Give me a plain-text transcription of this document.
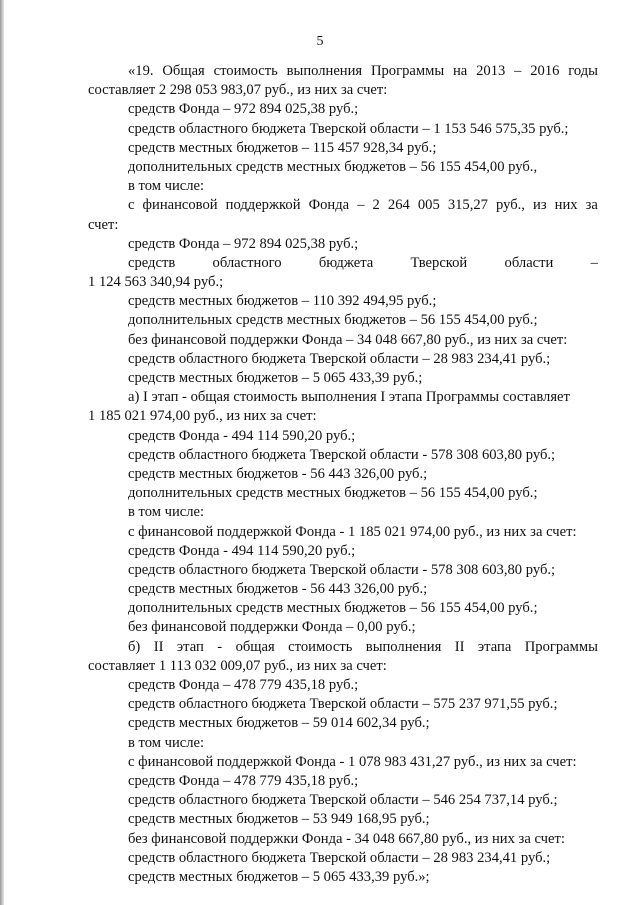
5
«19. Общая стоимость выполнения Программы на 2013 – 2016 годы
составляет 2 298 053 983,07 руб., из них за счет:
средств Фонда – 972 894 025,38 руб.;
средств областного бюджета Тверской области – 1 153 546 575,35 руб.;
средств местных бюджетов – 115 457 928,34 руб.;
дополнительных средств местных бюджетов – 56 155 454,00 руб.,
в том числе:
с финансовой поддержкой Фонда – 2 264 005 315,27 руб., из них за
счет:
средств Фонда – 972 894 025,38 руб.;
средств	областного	бюджета	Тверской	области	–
1 124 563 340,94 руб.;
средств местных бюджетов – 110 392 494,95 руб.;
дополнительных средств местных бюджетов – 56 155 454,00 руб.;
без финансовой поддержки Фонда – 34 048 667,80 руб., из них за счет:
средств областного бюджета Тверской области – 28 983 234,41 руб.;
средств местных бюджетов – 5 065 433,39 руб.;
а) I этап - общая стоимость выполнения I этапа Программы составляет
1 185 021 974,00 руб., из них за счет:
средств Фонда - 494 114 590,20 руб.;
средств областного бюджета Тверской области - 578 308 603,80 руб.;
средств местных бюджетов - 56 443 326,00 руб.;
дополнительных средств местных бюджетов – 56 155 454,00 руб.;
в том числе:
с финансовой поддержкой Фонда - 1 185 021 974,00 руб., из них за счет:
средств Фонда - 494 114 590,20 руб.;
средств областного бюджета Тверской области - 578 308 603,80 руб.;
средств местных бюджетов - 56 443 326,00 руб.;
дополнительных средств местных бюджетов – 56 155 454,00 руб.;
без финансовой поддержки Фонда – 0,00 руб.;
б) II этап - общая стоимость выполнения II этапа Программы
составляет 1 113 032 009,07 руб., из них за счет:
средств Фонда – 478 779 435,18 руб.;
средств областного бюджета Тверской области – 575 237 971,55 руб.;
средств местных бюджетов – 59 014 602,34 руб.;
в том числе:
с финансовой поддержкой Фонда - 1 078 983 431,27 руб., из них за счет:
средств Фонда – 478 779 435,18 руб.;
средств областного бюджета Тверской области – 546 254 737,14 руб.;
средств местных бюджетов – 53 949 168,95 руб.;
без финансовой поддержки Фонда - 34 048 667,80 руб., из них за счет:
средств областного бюджета Тверской области – 28 983 234,41 руб.;
средств местных бюджетов – 5 065 433,39 руб.»;
